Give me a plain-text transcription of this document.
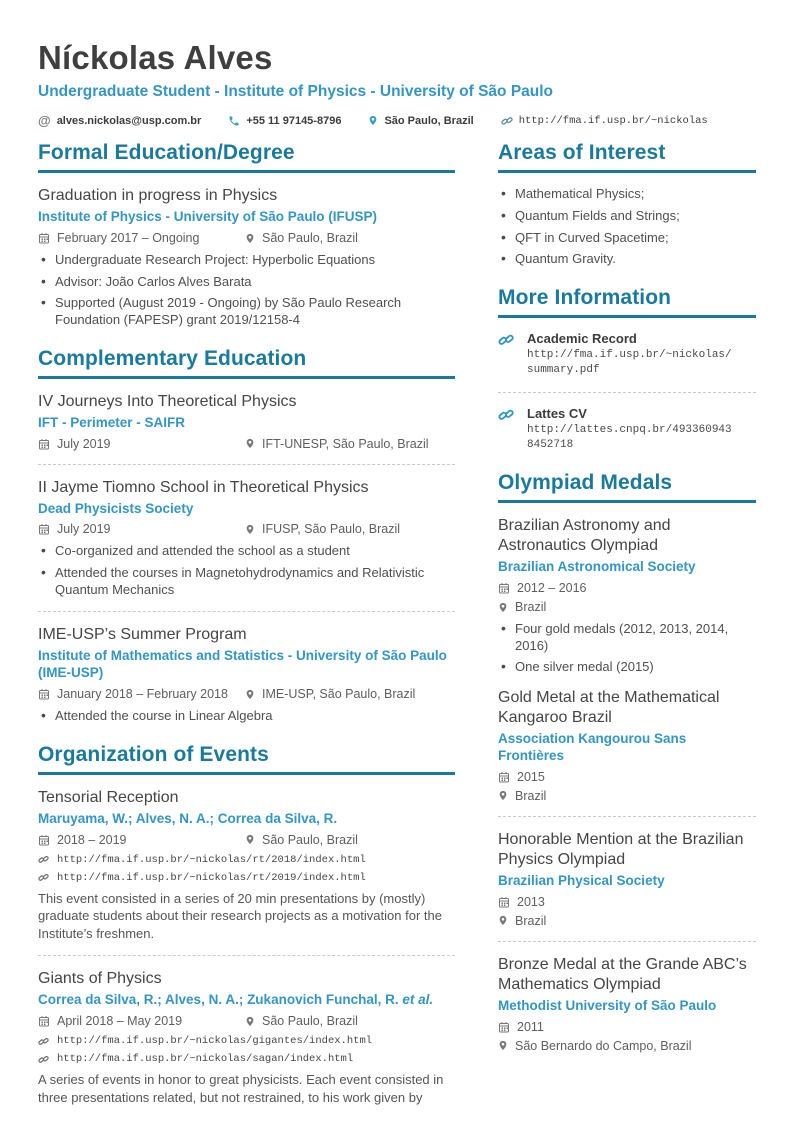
Níckolas Alves
Undergraduate Student - Institute of Physics - University of São Paulo
@ alves.nickolas@usp.com.br	+55 11 97145-8796	São Paulo, Brazil	http://fma.if.usp.br/~nickolas
Formal Education/Degree
Graduation in progress in Physics
Institute of Physics - University of São Paulo (IFUSP)
February 2017 – Ongoing	São Paulo, Brazil
• Undergraduate Research Project: Hyperbolic Equations
• Advisor: João Carlos Alves Barata
• Supported (August 2019 - Ongoing) by São Paulo Research Foundation (FAPESP) grant 2019/12158-4
Complementary Education
IV Journeys Into Theoretical Physics
IFT - Perimeter - SAIFR
July 2019	IFT-UNESP, São Paulo, Brazil
II Jayme Tiomno School in Theoretical Physics
Dead Physicists Society
July 2019	IFUSP, São Paulo, Brazil
• Co-organized and attended the school as a student
• Attended the courses in Magnetohydrodynamics and Relativistic Quantum Mechanics
IME-USP’s Summer Program
Institute of Mathematics and Statistics - University of São Paulo (IME-USP)
January 2018 – February 2018	IME-USP, São Paulo, Brazil
• Attended the course in Linear Algebra
Organization of Events
Tensorial Reception
Maruyama, W.; Alves, N. A.; Correa da Silva, R.
2018 – 2019	São Paulo, Brazil
http://fma.if.usp.br/~nickolas/rt/2018/index.html
http://fma.if.usp.br/~nickolas/rt/2019/index.html
This event consisted in a series of 20 min presentations by (mostly) graduate students about their research projects as a motivation for the Institute’s freshmen.
Giants of Physics
Correa da Silva, R.; Alves, N. A.; Zukanovich Funchal, R. et al.
April 2018 – May 2019	São Paulo, Brazil
http://fma.if.usp.br/~nickolas/gigantes/index.html
http://fma.if.usp.br/~nickolas/sagan/index.html
A series of events in honor to great physicists. Each event consisted in three presentations related, but not restrained, to his work given by
Areas of Interest
• Mathematical Physics;
• Quantum Fields and Strings;
• QFT in Curved Spacetime;
• Quantum Gravity.
More Information
Academic Record
http://fma.if.usp.br/~nickolas/summary.pdf
Lattes CV
http://lattes.cnpq.br/4933609438452718
Olympiad Medals
Brazilian Astronomy and Astronautics Olympiad
Brazilian Astronomical Society
2012 – 2016
Brazil
• Four gold medals (2012, 2013, 2014, 2016)
• One silver medal (2015)
Gold Metal at the Mathematical Kangaroo Brazil
Association Kangourou Sans Frontières
2015
Brazil
Honorable Mention at the Brazilian Physics Olympiad
Brazilian Physical Society
2013
Brazil
Bronze Medal at the Grande ABC’s Mathematics Olympiad
Methodist University of São Paulo
2011
São Bernardo do Campo, Brazil
